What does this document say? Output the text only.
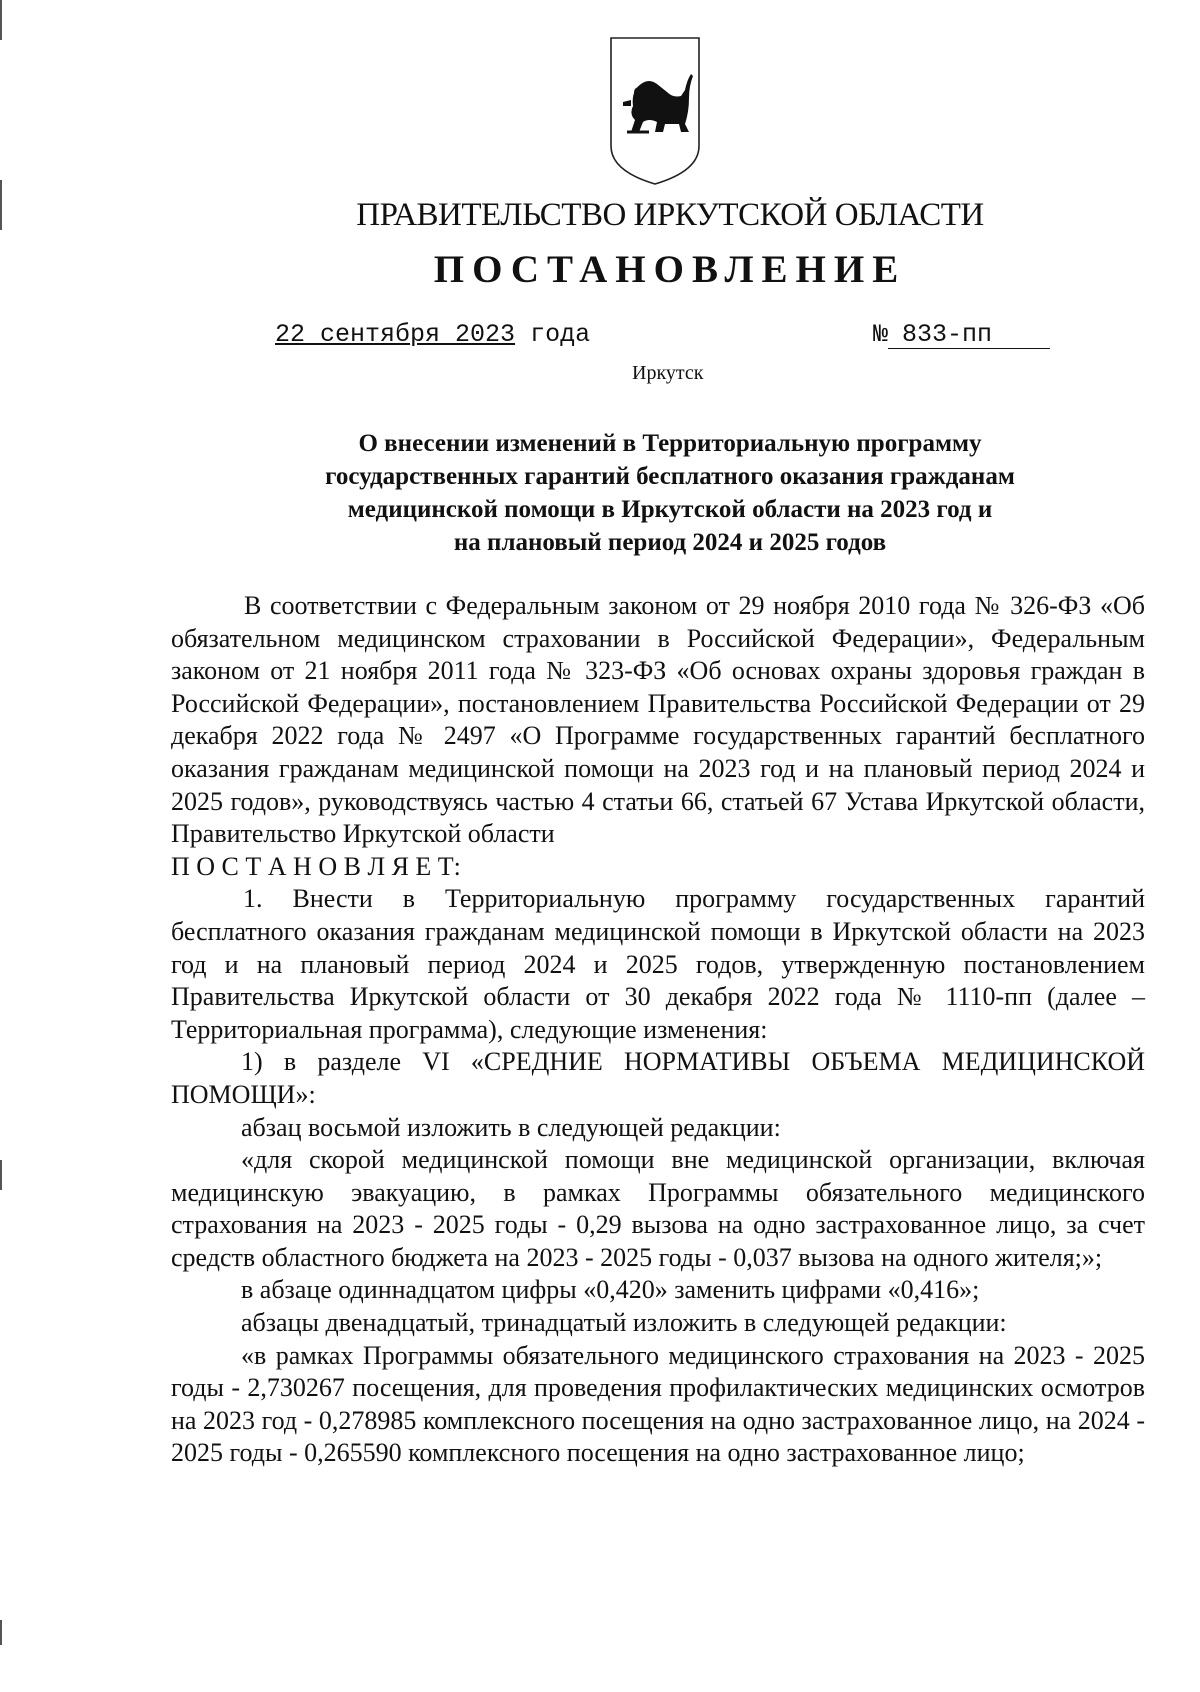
ПРАВИТЕЛЬСТВО ИРКУТСКОЙ ОБЛАСТИ
ПОСТАНОВЛЕНИЕ
22 сентября 2023 года	№ 833-пп
Иркутск
О внесении изменений в Территориальную программу
государственных гарантий бесплатного оказания гражданам
медицинской помощи в Иркутской области на 2023 год и
на плановый период 2024 и 2025 годов

В соответствии с Федеральным законом от 29 ноября 2010 года № 326-ФЗ «Об обязательном медицинском страховании в Российской Федерации», Федеральным законом от 21 ноября 2011 года № 323-ФЗ «Об основах охраны здоровья граждан в Российской Федерации», постановлением Правительства Российской Федерации от 29 декабря 2022 года № 2497 «О Программе государственных гарантий бесплатного оказания гражданам медицинской помощи на 2023 год и на плановый период 2024 и 2025 годов», руководствуясь частью 4 статьи 66, статьей 67 Устава Иркутской области, Правительство Иркутской области

П О С Т А Н О В Л Я Е Т:

1. Внести в Территориальную программу государственных гарантий бесплатного оказания гражданам медицинской помощи в Иркутской области на 2023 год и на плановый период 2024 и 2025 годов, утвержденную постановлением Правительства Иркутской области от 30 декабря 2022 года № 1110-пп (далее – Территориальная программа), следующие изменения:

1) в разделе VI «СРЕДНИЕ НОРМАТИВЫ ОБЪЕМА МЕДИЦИНСКОЙ ПОМОЩИ»:

абзац восьмой изложить в следующей редакции:

«для скорой медицинской помощи вне медицинской организации, включая медицинскую эвакуацию, в рамках Программы обязательного медицинского страхования на 2023 - 2025 годы - 0,29 вызова на одно застрахованное лицо, за счет средств областного бюджета на 2023 - 2025 годы - 0,037 вызова на одного жителя;»;

в абзаце одиннадцатом цифры «0,420» заменить цифрами «0,416»;

абзацы двенадцатый, тринадцатый изложить в следующей редакции:

«в рамках Программы обязательного медицинского страхования на 2023 - 2025 годы - 2,730267 посещения, для проведения профилактических медицинских осмотров на 2023 год - 0,278985 комплексного посещения на одно застрахованное лицо, на 2024 - 2025 годы - 0,265590 комплексного посещения на одно застрахованное лицо;
